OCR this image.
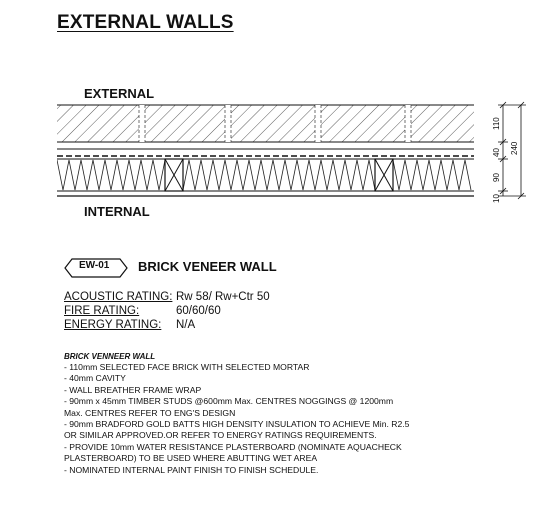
EXTERNAL WALLS
EXTERNAL
110
40
90
10
240
INTERNAL
EW-01 BRICK VENEER WALL
ACOUSTIC RATING: Rw 58/ Rw+Ctr 50
FIRE RATING:	60/60/60
ENERGY RATING: N/A
BRICK VENNEER WALL
- 110mm SELECTED FACE BRICK WITH SELECTED MORTAR
- 40mm CAVITY
- WALL BREATHER FRAME WRAP
- 90mm x 45mm TIMBER STUDS @600mm Max. CENTRES NOGGINGS @ 1200mm
Max. CENTRES REFER TO ENG'S DESIGN
- 90mm BRADFORD GOLD BATTS HIGH DENSITY INSULATION TO ACHIEVE Min. R2.5
OR SIMILAR APPROVED.OR REFER TO ENERGY RATINGS REQUIREMENTS.
- PROVIDE 10mm WATER RESISTANCE PLASTERBOARD (NOMINATE AQUACHECK
PLASTERBOARD) TO BE USED WHERE ABUTTING WET AREA
- NOMINATED INTERNAL PAINT FINISH TO FINISH SCHEDULE.
